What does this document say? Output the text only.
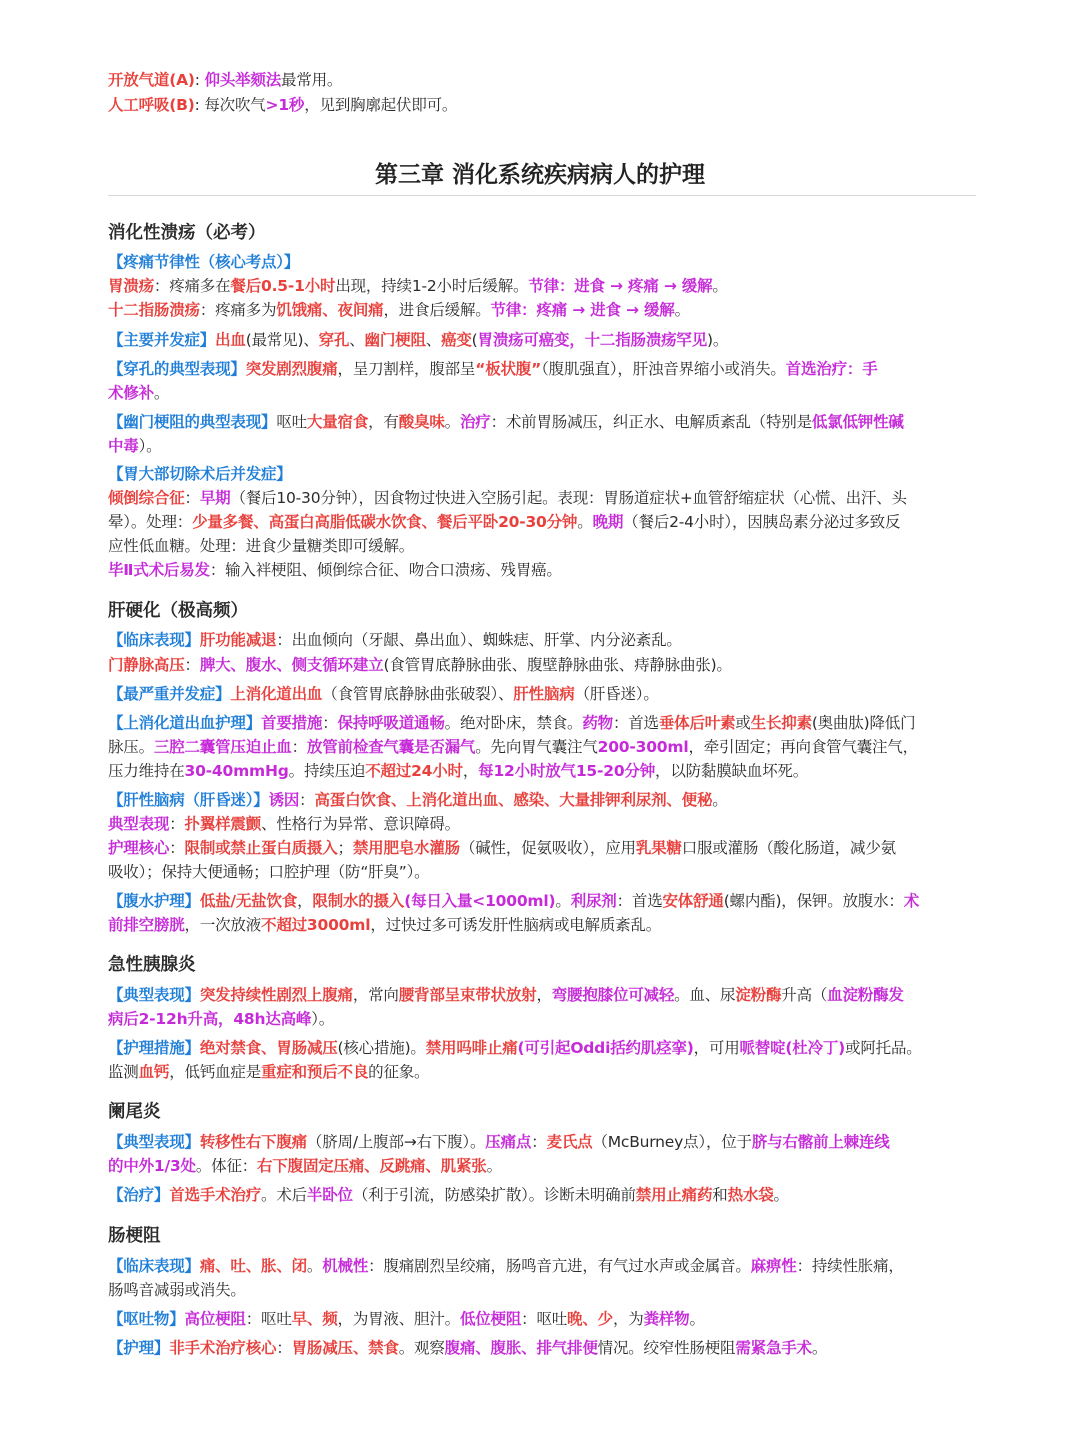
第三章 消化系统疾病病人的护理
开放气道(A): 仰头举颏法最常用。
人工呼吸(B): 每次吹气>1秒，见到胸廓起伏即可。
消化性溃疡（必考）
【疼痛节律性（核心考点）】
胃溃疡：疼痛多在餐后0.5-1小时出现，持续1-2小时后缓解。节律：进食 → 疼痛 → 缓解。
十二指肠溃疡：疼痛多为饥饿痛、夜间痛，进食后缓解。节律：疼痛 → 进食 → 缓解。
【主要并发症】出血(最常见)、穿孔、幽门梗阻、癌变(胃溃疡可癌变，十二指肠溃疡罕见)。
【穿孔的典型表现】突发剧烈腹痛，呈刀割样，腹部呈“板状腹”（腹肌强直），肝浊音界缩小或消失。首选治疗：手
术修补。
【幽门梗阻的典型表现】呕吐大量宿食，有酸臭味。治疗：术前胃肠减压，纠正水、电解质紊乱（特别是低氯低钾性碱
中毒）。
【胃大部切除术后并发症】
倾倒综合征：早期（餐后10-30分钟），因食物过快进入空肠引起。表现：胃肠道症状+血管舒缩症状（心慌、出汗、头
晕）。处理：少量多餐、高蛋白高脂低碳水饮食、餐后平卧20-30分钟。晚期（餐后2-4小时），因胰岛素分泌过多致反
应性低血糖。处理：进食少量糖类即可缓解。
毕Ⅱ式术后易发：输入袢梗阻、倾倒综合征、吻合口溃疡、残胃癌。
肝硬化（极高频）
【临床表现】肝功能减退：出血倾向（牙龈、鼻出血）、蜘蛛痣、肝掌、内分泌紊乱。
门静脉高压：脾大、腹水、侧支循环建立(食管胃底静脉曲张、腹壁静脉曲张、痔静脉曲张)。
【最严重并发症】上消化道出血（食管胃底静脉曲张破裂）、肝性脑病（肝昏迷）。
【上消化道出血护理】首要措施：保持呼吸道通畅。绝对卧床，禁食。药物：首选垂体后叶素或生长抑素(奥曲肽)降低门
脉压。三腔二囊管压迫止血：放管前检查气囊是否漏气。先向胃气囊注气200-300ml，牵引固定；再向食管气囊注气，
压力维持在30-40mmHg。持续压迫不超过24小时，每12小时放气15-20分钟，以防黏膜缺血坏死。
【肝性脑病（肝昏迷）】诱因：高蛋白饮食、上消化道出血、感染、大量排钾利尿剂、便秘。
典型表现：扑翼样震颤、性格行为异常、意识障碍。
护理核心：限制或禁止蛋白质摄入；禁用肥皂水灌肠（碱性，促氨吸收），应用乳果糖口服或灌肠（酸化肠道，减少氨
吸收）；保持大便通畅；口腔护理（防“肝臭”）。
【腹水护理】低盐/无盐饮食，限制水的摄入(每日入量<1000ml)。利尿剂：首选安体舒通(螺内酯)，保钾。放腹水：术
前排空膀胱，一次放液不超过3000ml，过快过多可诱发肝性脑病或电解质紊乱。
急性胰腺炎
【典型表现】突发持续性剧烈上腹痛，常向腰背部呈束带状放射，弯腰抱膝位可减轻。血、尿淀粉酶升高（血淀粉酶发
病后2-12h升高，48h达高峰）。
【护理措施】绝对禁食、胃肠减压(核心措施)。禁用吗啡止痛(可引起Oddi括约肌痉挛)，可用哌替啶(杜冷丁)或阿托品。
监测血钙，低钙血症是重症和预后不良的征象。
阑尾炎
【典型表现】转移性右下腹痛（脐周/上腹部→右下腹）。压痛点：麦氏点（McBurney点），位于脐与右髂前上棘连线
的中外1/3处。体征：右下腹固定压痛、反跳痛、肌紧张。
【治疗】首选手术治疗。术后半卧位（利于引流，防感染扩散）。诊断未明确前禁用止痛药和热水袋。
肠梗阻
【临床表现】痛、吐、胀、闭。机械性：腹痛剧烈呈绞痛，肠鸣音亢进，有气过水声或金属音。麻痹性：持续性胀痛，
肠鸣音减弱或消失。
【呕吐物】高位梗阻：呕吐早、频，为胃液、胆汁。低位梗阻：呕吐晚、少，为粪样物。
【护理】非手术治疗核心：胃肠减压、禁食。观察腹痛、腹胀、排气排便情况。绞窄性肠梗阻需紧急手术。
